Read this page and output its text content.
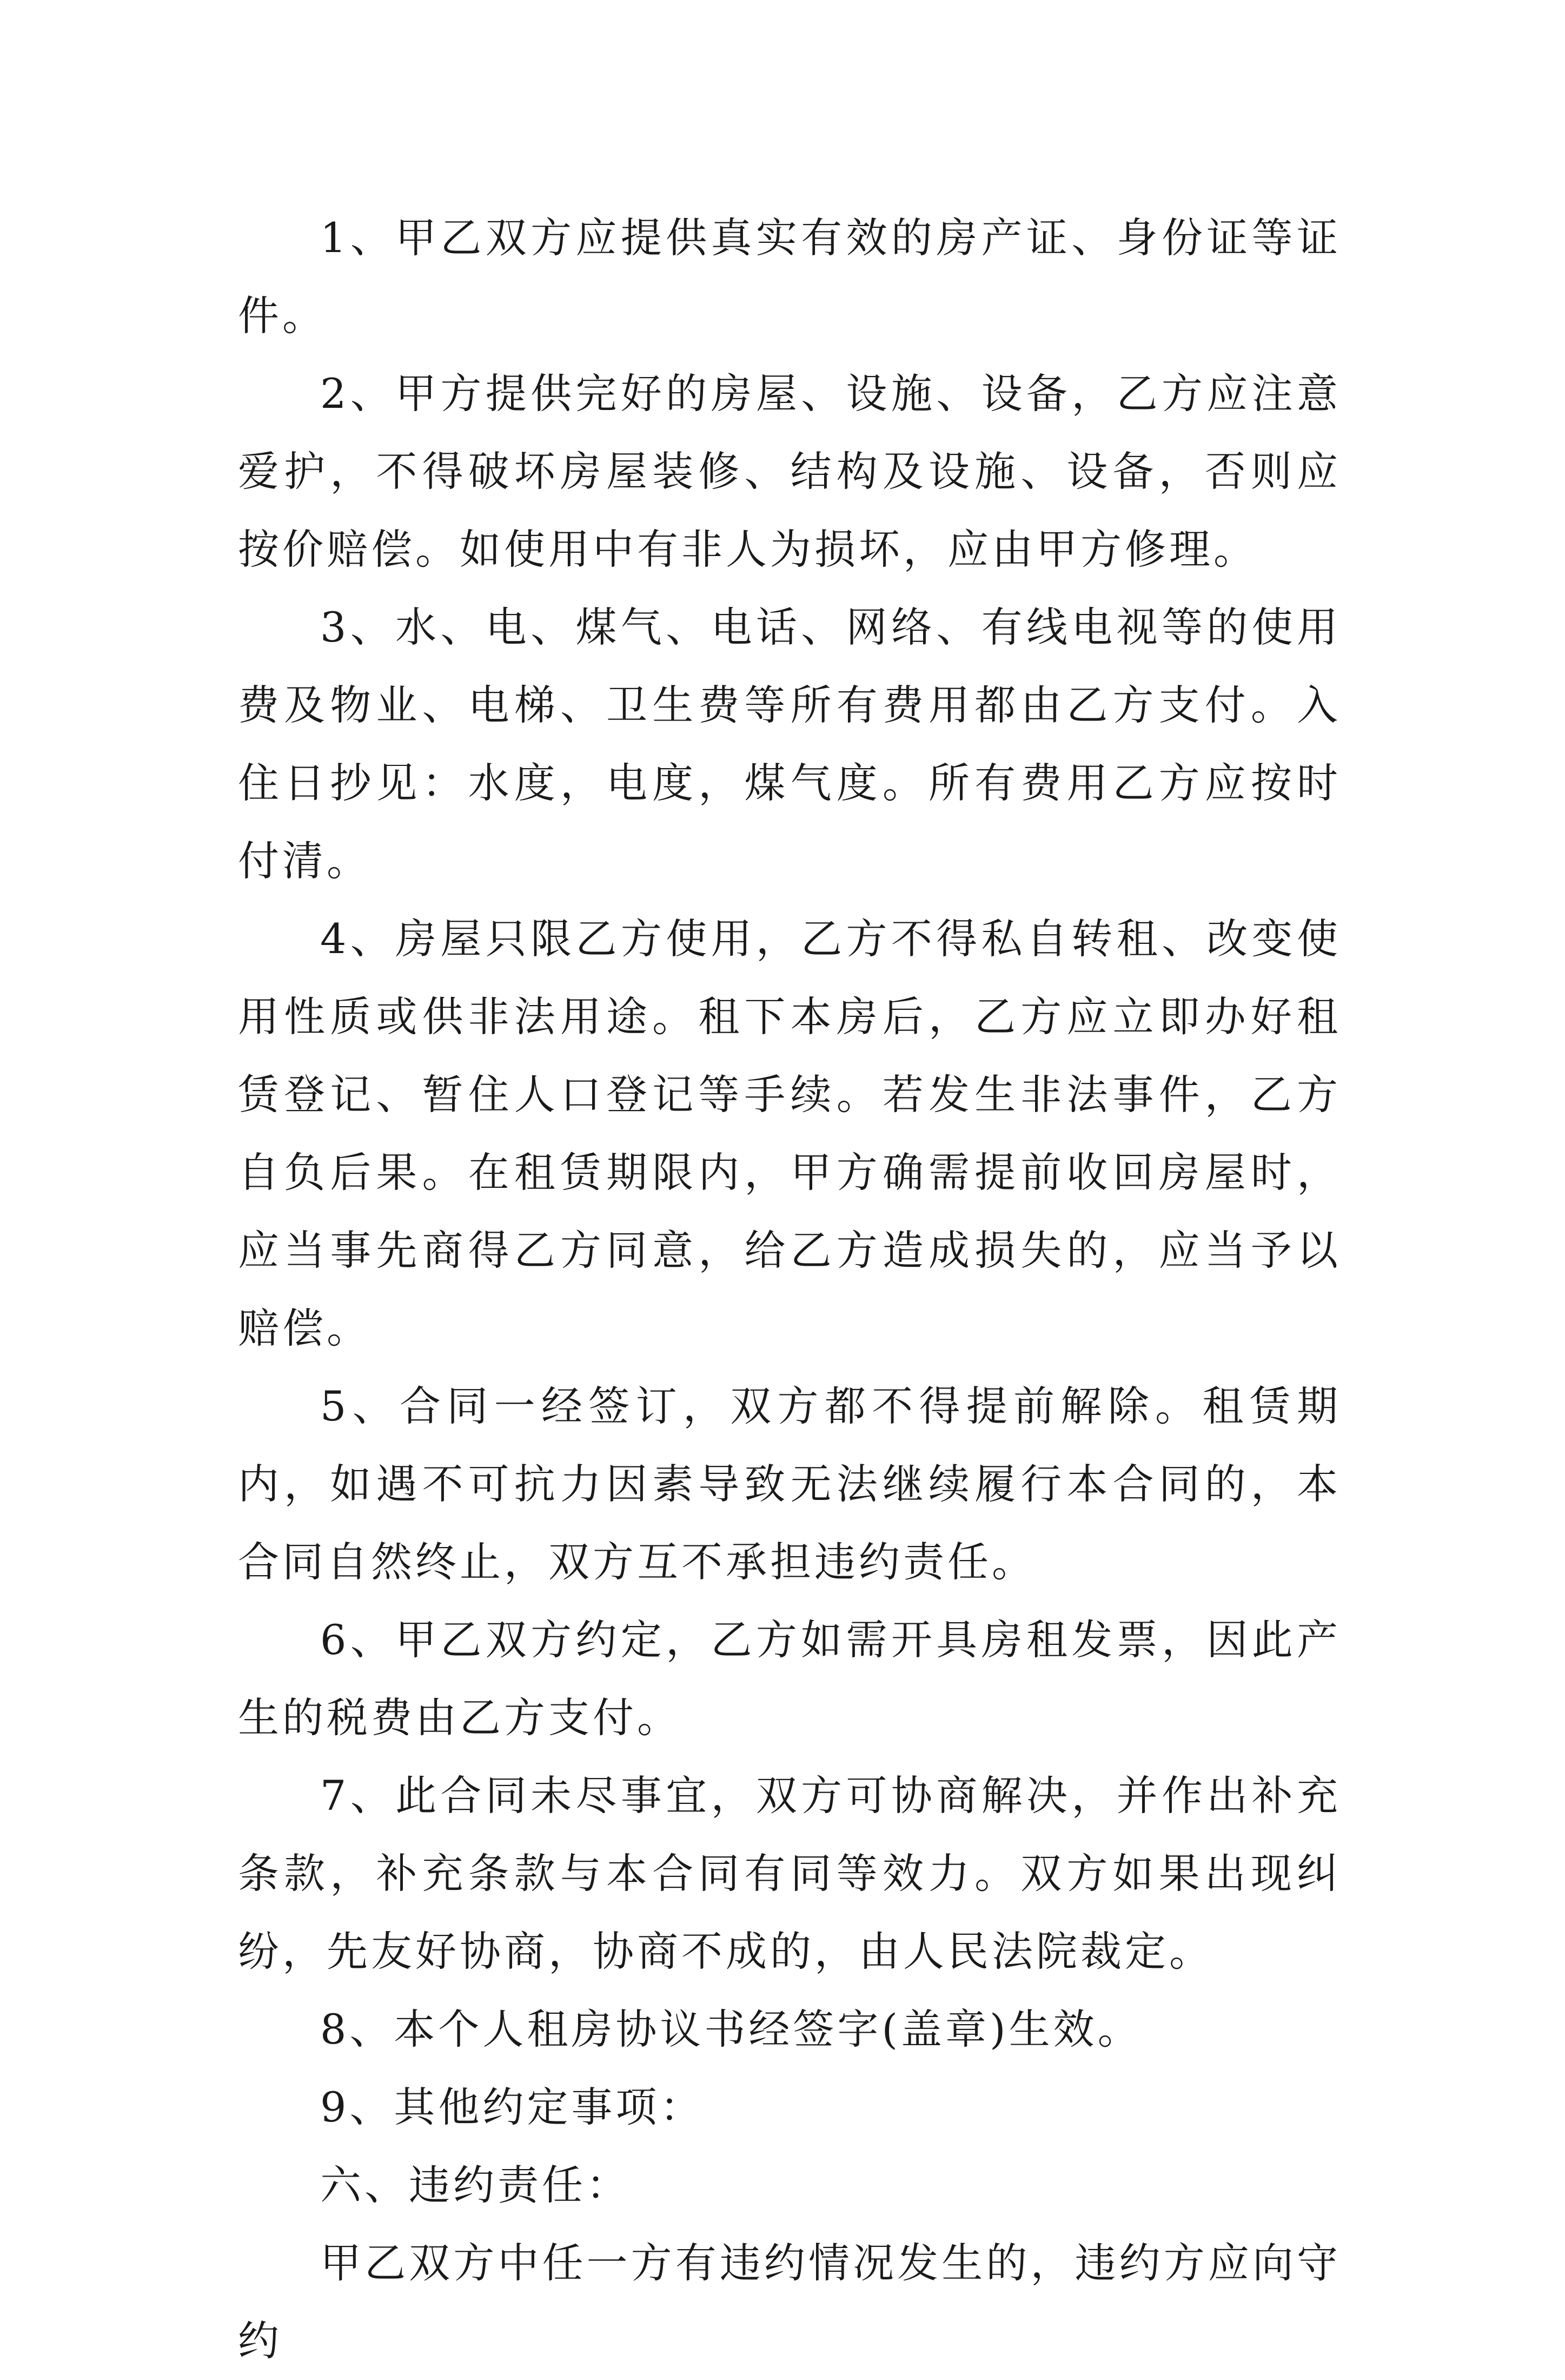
1、甲乙双方应提供真实有效的房产证、身份证等证件。

2、甲方提供完好的房屋、设施、设备，乙方应注意爱护，不得破坏房屋装修、结构及设施、设备，否则应按价赔偿。如使用中有非人为损坏，应由甲方修理。

3、水、电、煤气、电话、网络、有线电视等的使用费及物业、电梯、卫生费等所有费用都由乙方支付。入住日抄见：水度，电度，煤气度。所有费用乙方应按时付清。

4、房屋只限乙方使用，乙方不得私自转租、改变使用性质或供非法用途。租下本房后，乙方应立即办好租赁登记、暂住人口登记等手续。若发生非法事件，乙方自负后果。在租赁期限内，甲方确需提前收回房屋时，应当事先商得乙方同意，给乙方造成损失的，应当予以赔偿。

5、合同一经签订，双方都不得提前解除。租赁期内，如遇不可抗力因素导致无法继续履行本合同的，本合同自然终止，双方互不承担违约责任。

6、甲乙双方约定，乙方如需开具房租发票，因此产生的税费由乙方支付。

7、此合同未尽事宜，双方可协商解决，并作出补充条款，补充条款与本合同有同等效力。双方如果出现纠纷，先友好协商，协商不成的，由人民法院裁定。

8、本个人租房协议书经签字(盖章)生效。

9、其他约定事项：

六、违约责任：

甲乙双方中任一方有违约情况发生的，违约方应向守约
